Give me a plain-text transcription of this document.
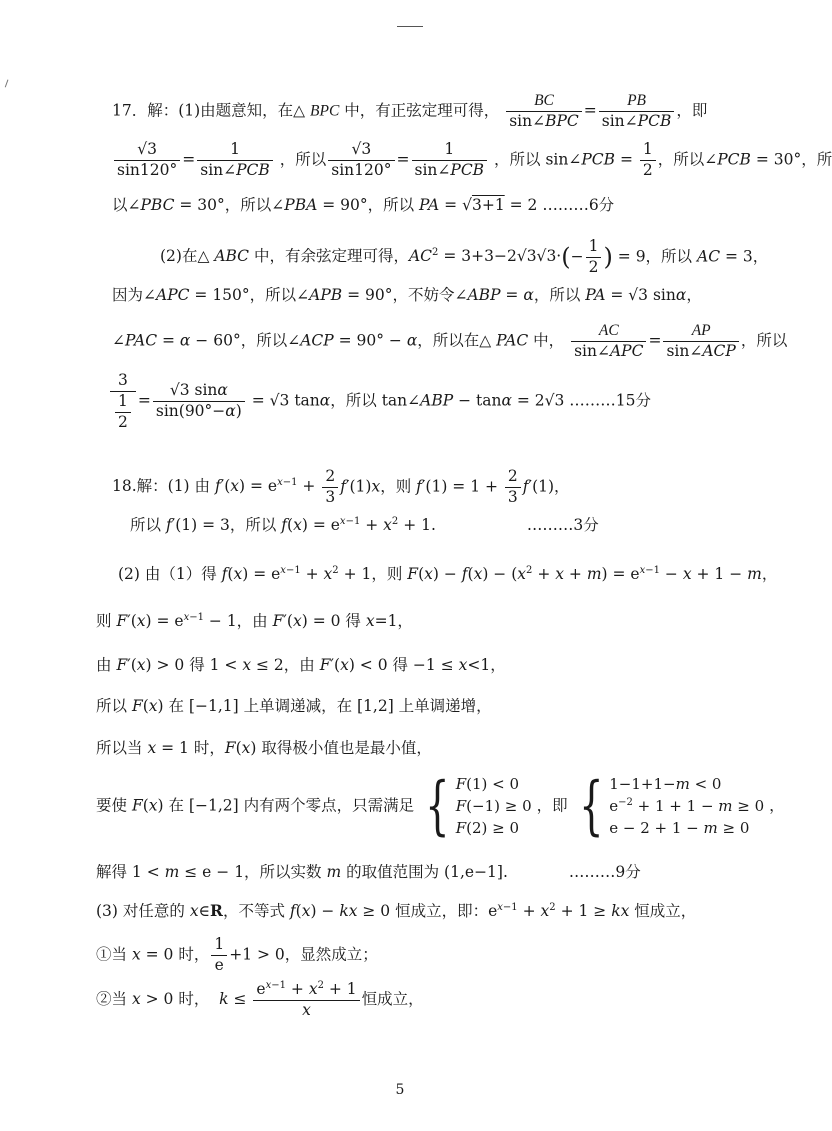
17．解：(1)由题意知，在△ BPC 中，有正弦定理可得，
BC
sin∠BPC
=
PB
sin∠PCB
，即
$\frac{√3}{\sin 120^\circ}$ =
1
sin∠PCB
，所以 $\frac{√3}{\sin 120^\circ}$ =
1
sin∠PCB
，所以 sin∠PCB = $\frac{1}{2}$ ，所以∠PCB = 30°，所
以∠PBC = 30°，所以∠PBA = 90°，所以 PA = √3+1 = 2 ………6分
(2)在△ ABC 中，有余弦定理可得，$AC^2 = 3+3-2√3√3\cdot(- \frac{1}{2}$ ) = 9，所以 AC = 3，
因为∠APC = 150°，所以∠APB = 90°，不妨令∠ABP = α，所以 PA = √3 sinα，
∠PAC = α − 60°，所以∠ACP = 90° − α，所以在△ PAC 中，
AC
sin∠APC
=
AP
sin∠ACP
，所以
$\frac{3}{\frac{1}{2}} = \frac{√3 \sin\alpha}{\sin(90^\circ-\alpha)} = √3$ tanα，所以 tan∠ABP − tanα = 2√3 ………15分
18.解：(1) 由 $f'(x) = e^{x-1} + \frac{2}{3} f'(1)x$，则 $f'(1) = 1 + \frac{2}{3} f'(1)$，
所以 f′(1) = 3，所以 $f(x) = e^{x-1} + x^2 + 1$.	………3分
(2) 由（1）得 $f(x) = e^{x-1} + x^2 + 1$，则 $F(x) - f(x) - (x^2 + x + m) = e^{x-1} - x + 1 - m$，
则 $F'(x) = e^{x-1} - 1$，由 F′(x) = 0 得 x=1，
由 F′(x) > 0 得 1 < x ≤ 2，由 F′(x) < 0 得 −1 ≤ x<1，
所以 F(x) 在 [−1,1] 上单调递减，在 [1,2] 上单调递增，
所以当 x = 1 时，F(x) 取得极小值也是最小值，
要使 F(x) 在 [−1,2] 内有两个零点，只需满足 { F(1) < 0
F(−1) ≥ 0
F(2) ≥ 0
，即 { 1−1+1−m < 0
$e^{-2} + 1 + 1 - m \ge 0$
e − 2 + 1 − m ≥ 0
，
解得 1 < m ≤ e − 1，所以实数 m 的取值范围为 (1,e−1].	………9分
(3) 对任意的 x∈R，不等式 f(x) − kx ≥ 0 恒成立，即：$e^{x-1} + x^2 + 1$ ≥ kx 恒成立，
①当 x = 0 时， $\frac{1}{e} +1 > 0$，显然成立；
②当 x > 0 时，  $k \le \frac{e^{x-1} + x^2 + 1}{x}$ 恒成立，
5
